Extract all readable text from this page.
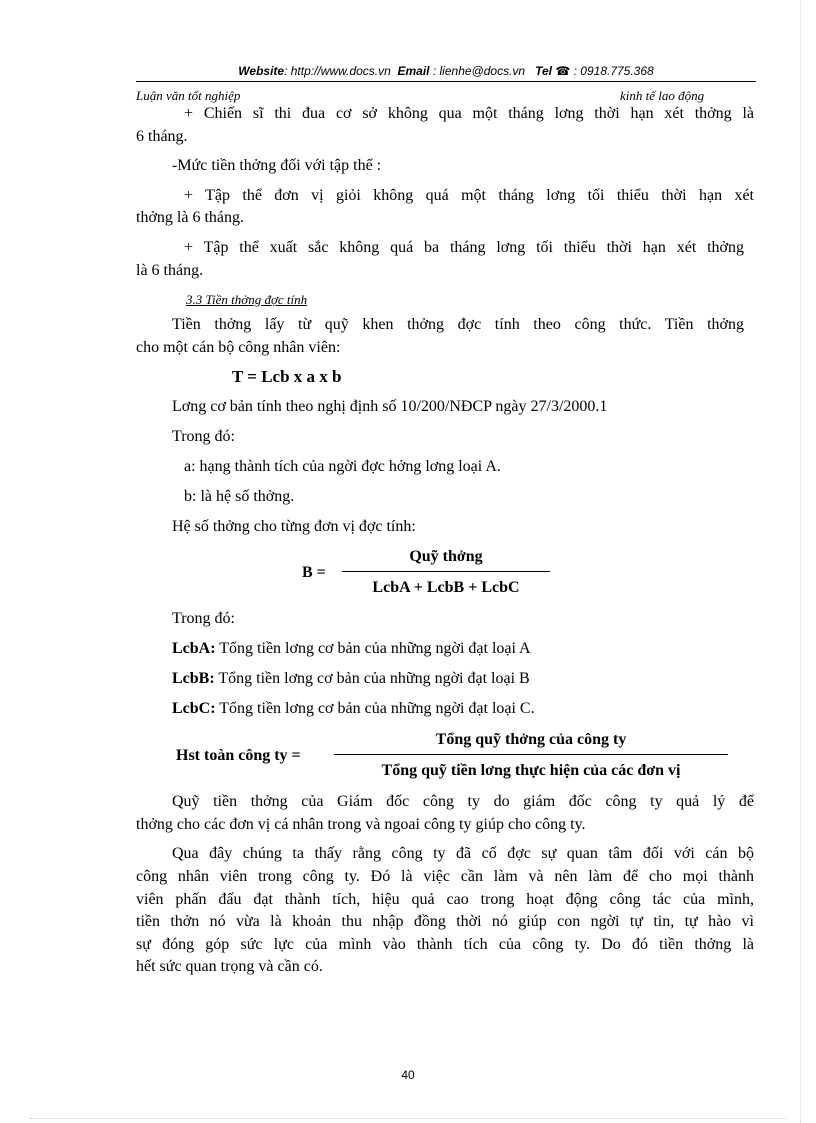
Website: http://www.docs.vn Email : lienhe@docs.vn Tel ☎ : 0918.775.368
Luận văn tốt nghiệp	kinh tế lao động
+ Chiến sĩ thi đua cơ sở không qua một tháng lơng thời hạn xét thởng là
6 tháng.
-Mức tiền thởng đối với tập thể :
+ Tập thể đơn vị giỏi không quá một tháng lơng tối thiểu thời hạn xét
thởng là 6 tháng.
+ Tập thể xuất sắc không quá ba tháng lơng tối thiểu thời hạn xét thởng
là 6 tháng.
3.3 Tiền thởng đợc tính
Tiền thởng lấy từ quỹ khen thởng đợc tính theo công thức. Tiền thởng
cho một cán bộ công nhân viên:
T = Lcb x a x b
Lơng cơ bản tính theo nghị định số 10/200/NĐCP ngày 27/3/2000.1
Trong đó:
a: hạng thành tích của ngời đợc hởng lơng loại A.
b: là hệ số thởng.
Hệ số thởng cho từng đơn vị đợc tính:
B =
Quỹ thởng
LcbA + LcbB + LcbC
Trong đó:
LcbA: Tổng tiền lơng cơ bản của những ngời đạt loại A
LcbB: Tổng tiền lơng cơ bản của những ngời đạt loại B
LcbC: Tổng tiền lơng cơ bản của những ngời đạt loại C.
Hst toàn công ty =
Tổng quỹ thởng của công ty
Tổng quỹ tiền lơng thực hiện của các đơn vị
Quỹ tiền thởng của Giám đốc công ty do giám đốc công ty quả lý để
thởng cho các đơn vị cá nhân trong và ngoai công ty giúp cho công ty.
Qua đây chúng ta thấy rằng công ty đã cố đợc sự quan tâm đối với cán bộ
công nhân viên trong công ty. Đó là việc cần làm và nên làm để cho mọi thành
viên phấn đấu đạt thành tích, hiệu quả cao trong hoạt động công tác của mình,
tiền thởn nó vừa là khoản thu nhập đồng thời nó giúp con ngời tự tin, tự hào vì
sự đóng góp sức lực của mình vào thành tích của công ty. Do đó tiền thởng là
hết sức quan trọng và cần có.
40
